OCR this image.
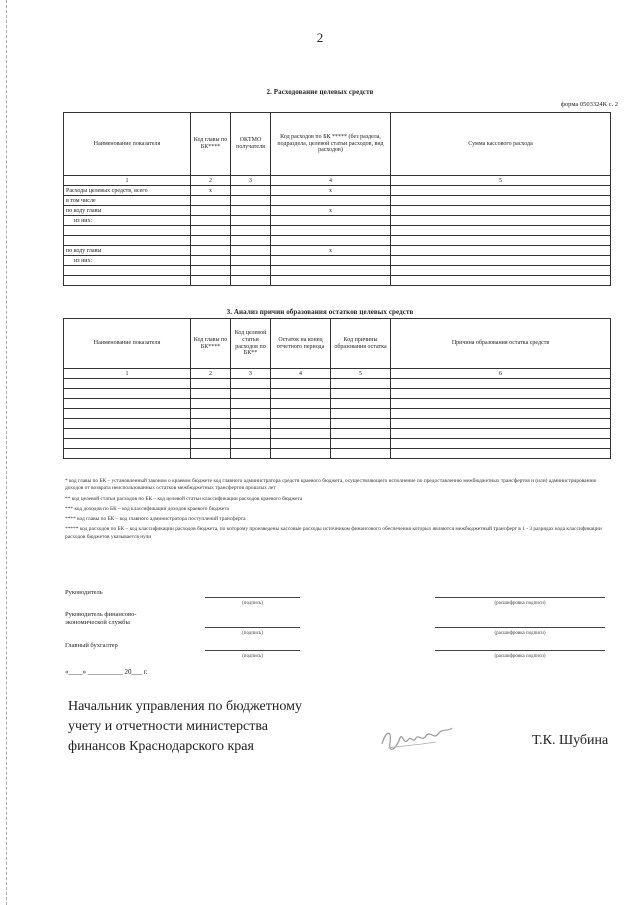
2
2. Расходование целевых средств
форма 0503324К с. 2
Наименование показателя	Код главы по БК****	ОКТМО получателя	Код расходов по БК ***** (без раздела, подраздела, целевой статьи расходов, вид расходов)	Сумма кассового расхода
1	2	3	4	5
Расходы целевых средств, всего	х		х	
в том числе				
по коду главы			х	
из них:				

по коду главы			х	
из них:				

3. Анализ причин образования остатков целевых средств
Наименование показателя	Код главы по БК****	Код целевой статьи расходов по БК**	Остаток на конец отчетного периода	Код причины образования остатка	Причина образования остатка средств
1	2	3	4	5	6

* код главы по БК – установленный законом о краевом бюджете код главного администратора средств краевого бюджета, осуществляющего исполнение по предоставлению межбюджетных трансфертов и (или) администрированию доходов от возврата неиспользованных остатков межбюджетных трансфертов прошлых лет

** код целевой статьи расходов по БК – код целевой статьи классификации расходов краевого бюджета

*** код доходов по БК – код классификации доходов краевого бюджета

**** код главы по БК – код главного администратора поступлений трансферта

***** код расходов по БК – код классификации расходов бюджета, по которому произведены кассовые расходы источником финансового обеспечения которых являются межбюджетный трансферт в 1 - 3 разрядах кода классификации расходов бюджетов указывается нули

Руководитель
(подпись)	(расшифровка подписи)
Руководитель финансово-экономической службы
(подпись)	(расшифровка подписи)
Главный бухгалтер
(подпись)	(расшифровка подписи)
«____» __________ 20___ г.
Начальник управления по бюджетному
учету и отчетности министерства
финансов Краснодарского края	Т.К. Шубина
